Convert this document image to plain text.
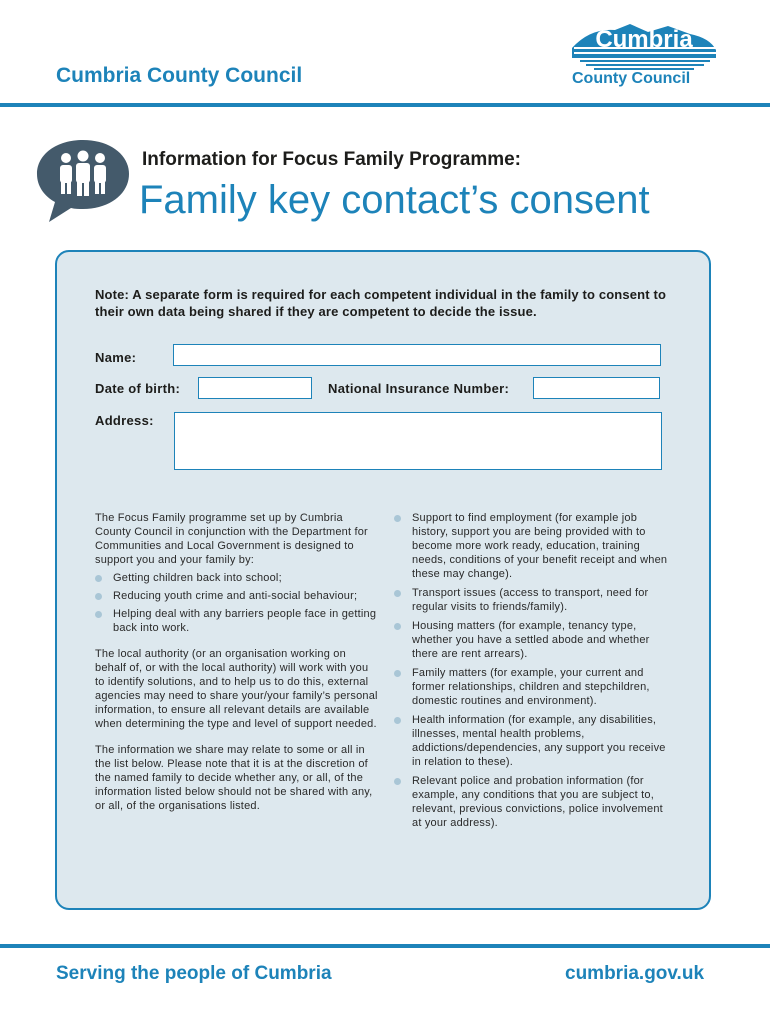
Cumbria County Council
Cumbria
County Council
Information for Focus Family Programme:
Family key contact’s consent
Note: A separate form is required for each competent individual in the family to consent to their own data being shared if they are competent to decide the issue.
Name:
Date of birth:	National Insurance Number:
Address:

The Focus Family programme set up by Cumbria County Council in conjunction with the Department for Communities and Local Government is designed to support you and your family by:

Getting children back into school;
Reducing youth crime and anti-social behaviour;
Helping deal with any barriers people face in getting back into work.

The local authority (or an organisation working on behalf of, or with the local authority) will work with you to identify solutions, and to help us to do this, external agencies may need to share your/your family’s personal information, to ensure all relevant details are available when determining the type and level of support needed.

The information we share may relate to some or all in the list below. Please note that it is at the discretion of the named family to decide whether any, or all, of the information listed below should not be shared with any, or all, of the organisations listed.

Support to find employment (for example job history, support you are being provided with to become more work ready, education, training needs, conditions of your benefit receipt and when these may change).
Transport issues (access to transport, need for regular visits to friends/family).
Housing matters (for example, tenancy type, whether you have a settled abode and whether there are rent arrears).
Family matters (for example, your current and former relationships, children and stepchildren, domestic routines and environment).
Health information (for example, any disabilities, illnesses, mental health problems, addictions/dependencies, any support you receive in relation to these).
Relevant police and probation information (for example, any conditions that you are subject to, relevant, previous convictions, police involvement at your address).
Serving the people of Cumbria	cumbria.gov.uk
